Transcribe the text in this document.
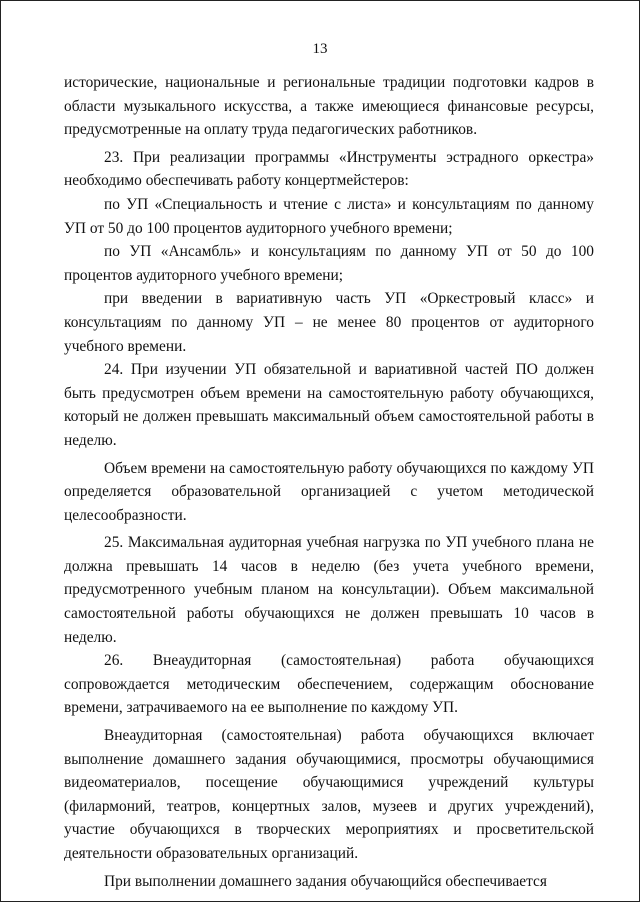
13

исторические, национальные и региональные традиции подготовки кадров в области музыкального искусства, а также имеющиеся финансовые ресурсы, предусмотренные на оплату труда педагогических работников.

23. При реализации программы «Инструменты эстрадного оркестра» необходимо обеспечивать работу концертмейстеров:

по УП «Специальность и чтение с листа» и консультациям по данному УП от 50 до 100 процентов аудиторного учебного времени;

по УП «Ансамбль» и консультациям по данному УП от 50 до 100 процентов аудиторного учебного времени;

при введении в вариативную часть УП «Оркестровый класс» и консультациям по данному УП – не менее 80 процентов от аудиторного учебного времени.

24. При изучении УП обязательной и вариативной частей ПО должен быть предусмотрен объем времени на самостоятельную работу обучающихся, который не должен превышать максимальный объем самостоятельной работы в неделю.

Объем времени на самостоятельную работу обучающихся по каждому УП определяется образовательной организацией с учетом методической целесообразности.

25. Максимальная аудиторная учебная нагрузка по УП учебного плана не должна превышать 14 часов в неделю (без учета учебного времени, предусмотренного учебным планом на консультации). Объем максимальной самостоятельной работы обучающихся не должен превышать 10 часов в неделю.

26. Внеаудиторная (самостоятельная) работа обучающихся сопровождается методическим обеспечением, содержащим обоснование времени, затрачиваемого на ее выполнение по каждому УП.

Внеаудиторная (самостоятельная) работа обучающихся включает выполнение домашнего задания обучающимися, просмотры обучающимися видеоматериалов, посещение обучающимися учреждений культуры (филармоний, театров, концертных залов, музеев и других учреждений), участие обучающихся в творческих мероприятиях и просветительской деятельности образовательных организаций.

При выполнении домашнего задания обучающийся обеспечивается
